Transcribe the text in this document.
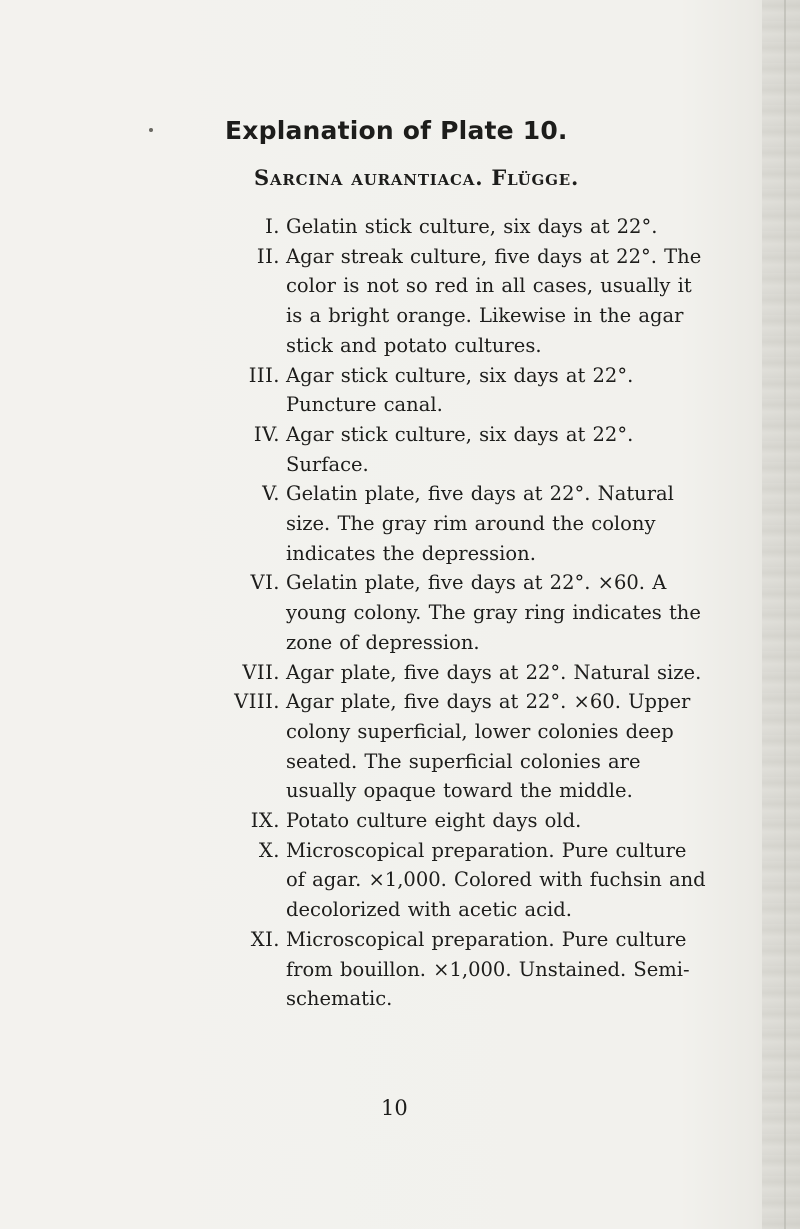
Explanation of Plate 10.
Sarcina aurantiaca. Flügge.
I. Gelatin stick culture, six days at 22°.
II. Agar streak culture, five days at 22°. The color is not so red in all cases, usually it is a bright orange. Likewise in the agar stick and potato cultures.
III. Agar stick culture, six days at 22°. Puncture canal.
IV. Agar stick culture, six days at 22°. Surface.
V. Gelatin plate, five days at 22°. Natural size. The gray rim around the colony indicates the depression.
VI. Gelatin plate, five days at 22°. ×60. A young colony. The gray ring indicates the zone of depression.
VII. Agar plate, five days at 22°. Natural size.
VIII. Agar plate, five days at 22°. ×60. Upper colony superficial, lower colonies deep seated. The superficial colonies are usually opaque toward the middle.
IX. Potato culture eight days old.
X. Microscopical preparation. Pure culture of agar. ×1,000. Colored with fuchsin and decolorized with acetic acid.
XI. Microscopical preparation. Pure culture from bouillon. ×1,000. Unstained. Semi-schematic.

10
